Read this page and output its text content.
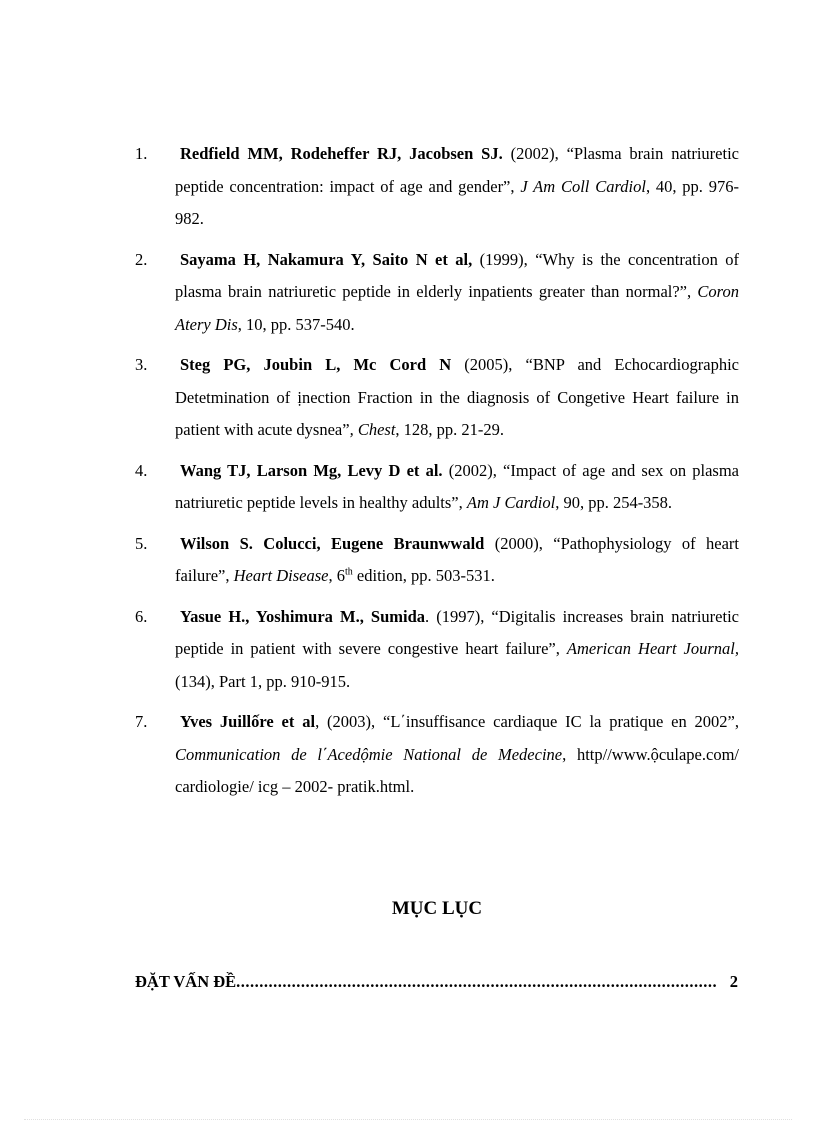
1. Redfield MM, Rodeheffer RJ, Jacobsen SJ. (2002), “Plasma brain natriuretic peptide concentration: impact of age and gender”, J Am Coll Cardiol, 40, pp. 976- 982.
2. Sayama H, Nakamura Y, Saito N et al, (1999), “Why is the concentration of plasma brain natriuretic peptide in elderly inpatients greater than normal?”, Coron Atery Dis, 10, pp. 537-540.
3. Steg PG, Joubin L, Mc Cord N (2005), “BNP and Echocardiographic Detetmination of ịnection Fraction in the diagnosis of Congetive Heart failure in patient with acute dysnea”, Chest, 128, pp. 21-29.
4. Wang TJ, Larson Mg, Levy D et al. (2002), “Impact of age and sex on plasma natriuretic peptide levels in healthy adults”, Am J Cardiol, 90, pp. 254-358.
5. Wilson S. Colucci, Eugene Braunwwald (2000), “Pathophysiology of heart failure”, Heart Disease, 6th edition, pp. 503-531.
6. Yasue H., Yoshimura M., Sumida. (1997), “Digitalis increases brain natriuretic peptide in patient with severe congestive heart failure”, American Heart Journal, (134), Part 1, pp. 910-915.
7. Yves Juillốre et al, (2003), “L΄insuffisance cardiaque IC la pratique en 2002”, Communication de l΄Acedộmie National de Medecine, http//www.ộculape.com/ cardiologie/ icg – 2002- pratik.html.
MỤC LỤC
ĐẶT VẤN ĐỀ ........................................................................................................ 2
